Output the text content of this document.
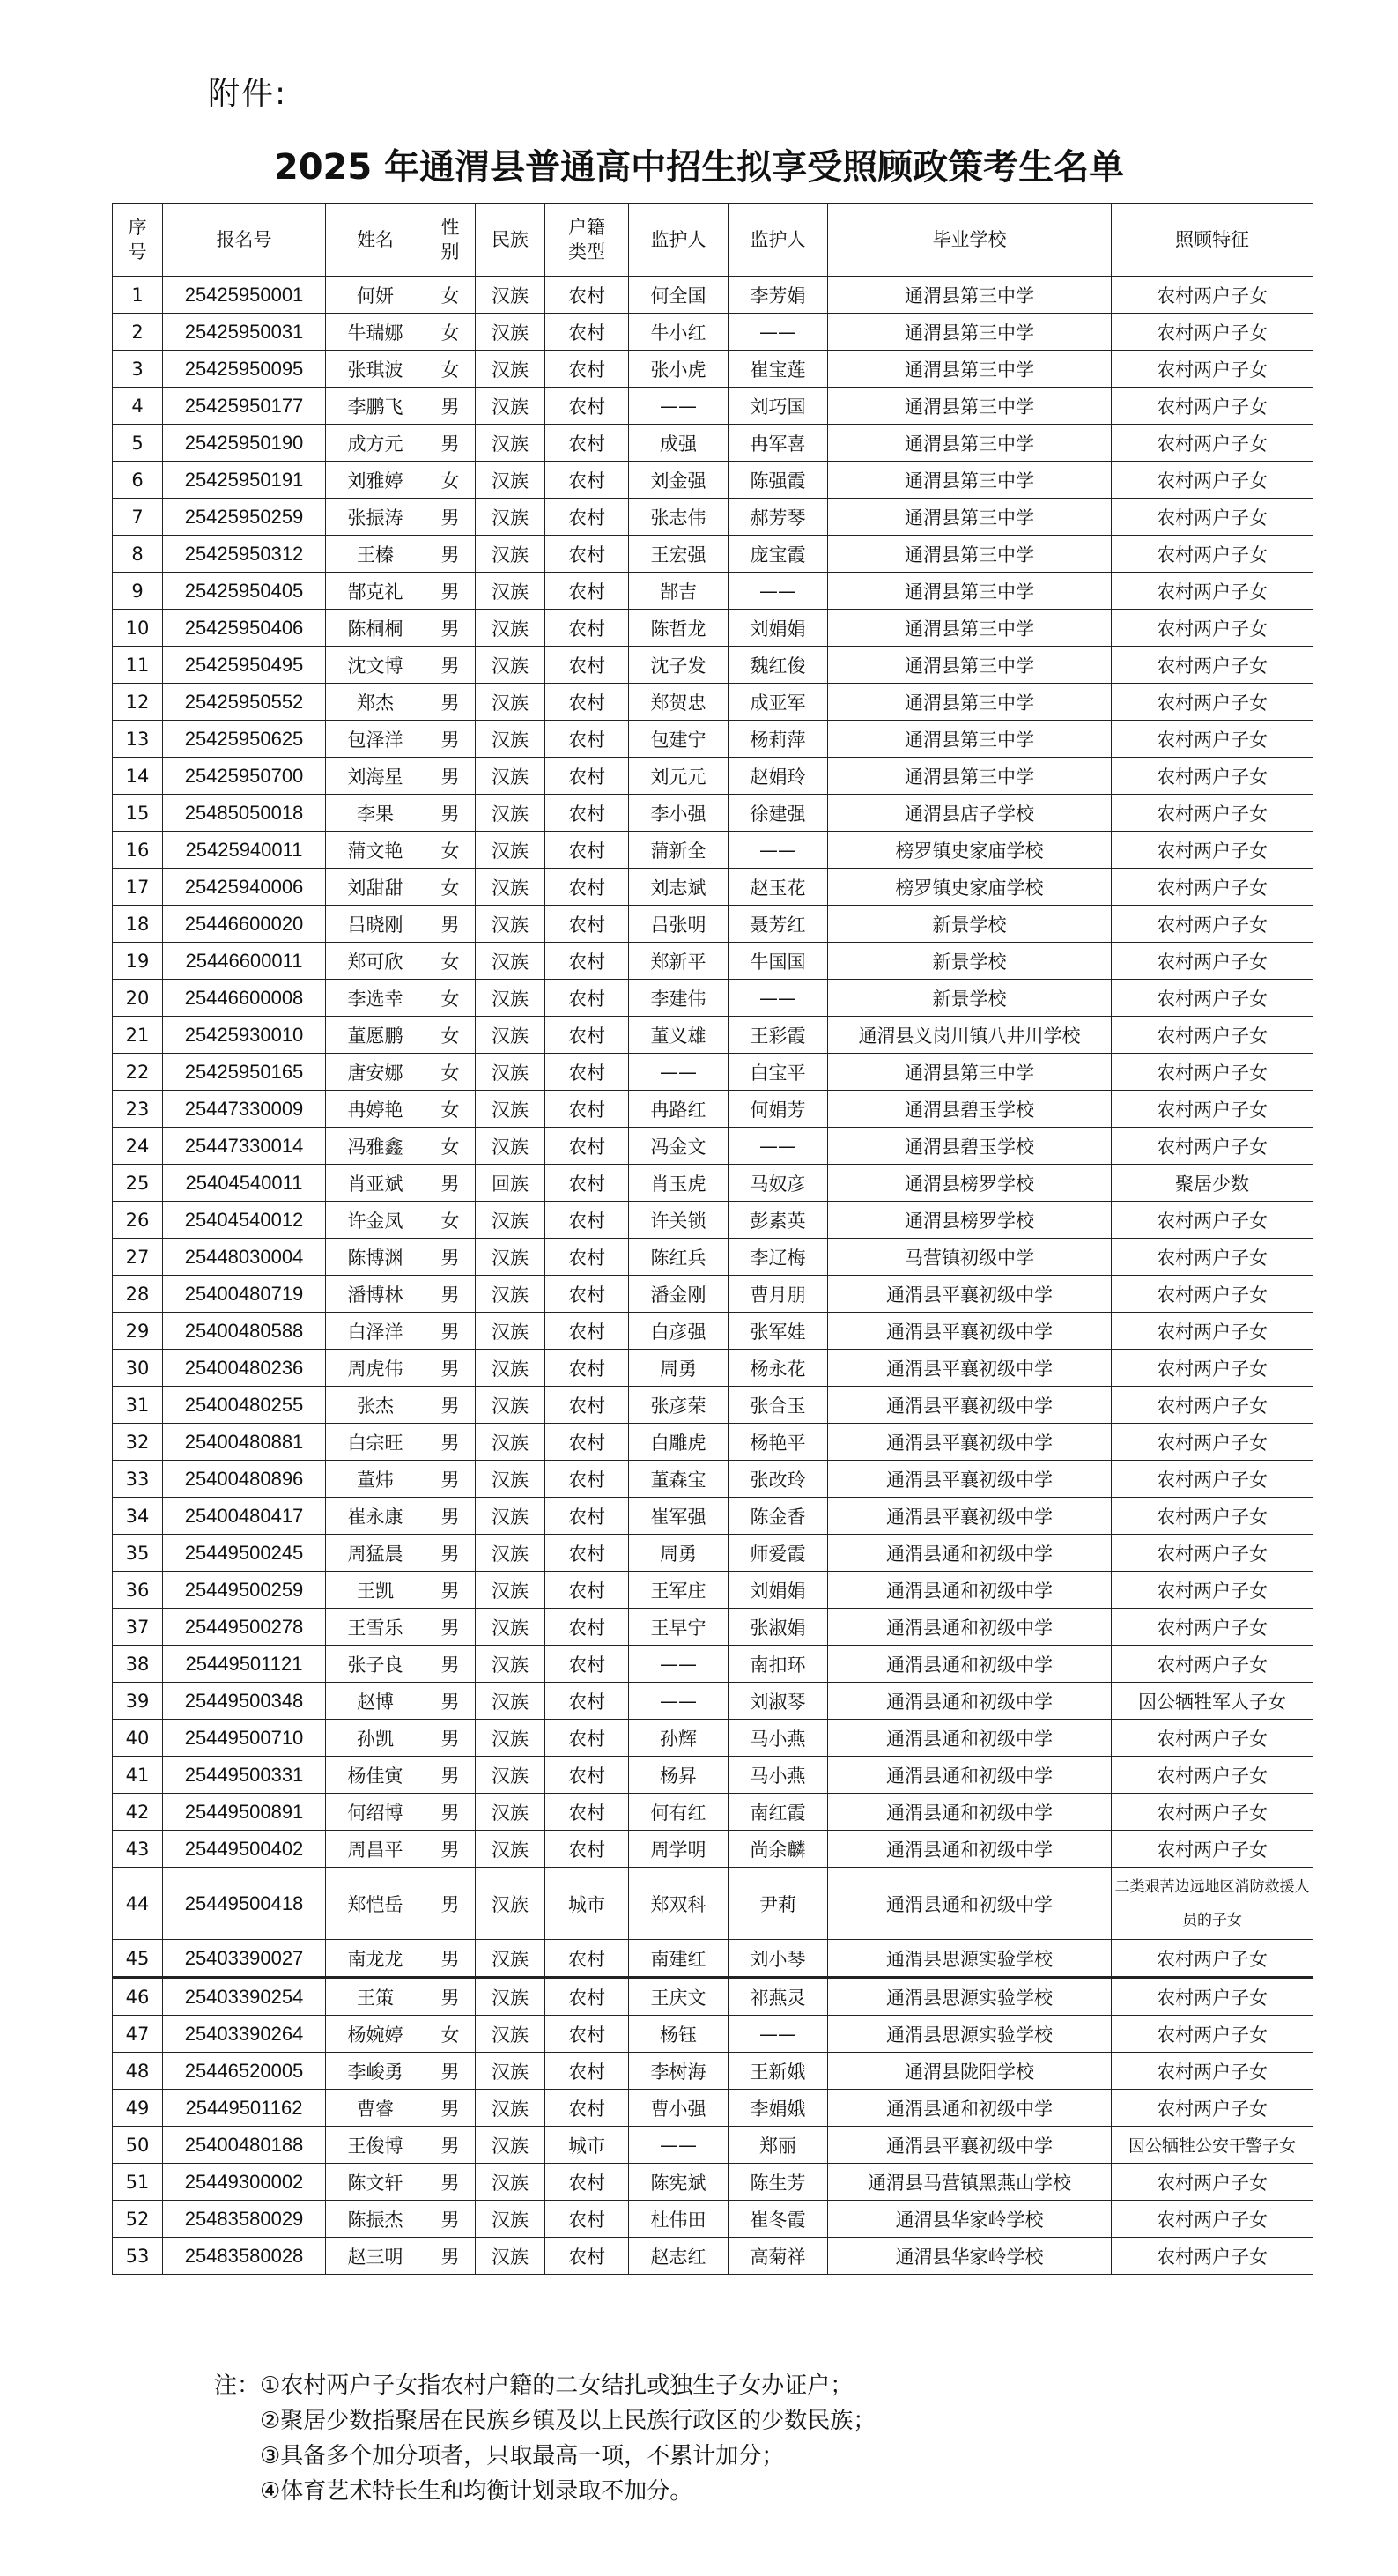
附件:
2025 年通渭县普通高中招生拟享受照顾政策考生名单
序号	报名号	姓名	性别	民族	户籍类型	监护人	监护人	毕业学校	照顾特征
1	25425950001	何妍	女	汉族	农村	何全国	李芳娟	通渭县第三中学	农村两户子女
2	25425950031	牛瑞娜	女	汉族	农村	牛小红	——	通渭县第三中学	农村两户子女
3	25425950095	张琪波	女	汉族	农村	张小虎	崔宝莲	通渭县第三中学	农村两户子女
4	25425950177	李鹏飞	男	汉族	农村	——	刘巧国	通渭县第三中学	农村两户子女
5	25425950190	成方元	男	汉族	农村	成强	冉军喜	通渭县第三中学	农村两户子女
6	25425950191	刘雅婷	女	汉族	农村	刘金强	陈强霞	通渭县第三中学	农村两户子女
7	25425950259	张振涛	男	汉族	农村	张志伟	郝芳琴	通渭县第三中学	农村两户子女
8	25425950312	王榛	男	汉族	农村	王宏强	庞宝霞	通渭县第三中学	农村两户子女
9	25425950405	郜克礼	男	汉族	农村	郜吉	——	通渭县第三中学	农村两户子女
10	25425950406	陈桐桐	男	汉族	农村	陈哲龙	刘娟娟	通渭县第三中学	农村两户子女
11	25425950495	沈文博	男	汉族	农村	沈子发	魏红俊	通渭县第三中学	农村两户子女
12	25425950552	郑杰	男	汉族	农村	郑贺忠	成亚军	通渭县第三中学	农村两户子女
13	25425950625	包泽洋	男	汉族	农村	包建宁	杨莉萍	通渭县第三中学	农村两户子女
14	25425950700	刘海星	男	汉族	农村	刘元元	赵娟玲	通渭县第三中学	农村两户子女
15	25485050018	李果	男	汉族	农村	李小强	徐建强	通渭县店子学校	农村两户子女
16	25425940011	蒲文艳	女	汉族	农村	蒲新全	——	榜罗镇史家庙学校	农村两户子女
17	25425940006	刘甜甜	女	汉族	农村	刘志斌	赵玉花	榜罗镇史家庙学校	农村两户子女
18	25446600020	吕晓刚	男	汉族	农村	吕张明	聂芳红	新景学校	农村两户子女
19	25446600011	郑可欣	女	汉族	农村	郑新平	牛国国	新景学校	农村两户子女
20	25446600008	李选幸	女	汉族	农村	李建伟	——	新景学校	农村两户子女
21	25425930010	董愿鹏	女	汉族	农村	董义雄	王彩霞	通渭县义岗川镇八井川学校	农村两户子女
22	25425950165	唐安娜	女	汉族	农村	——	白宝平	通渭县第三中学	农村两户子女
23	25447330009	冉婷艳	女	汉族	农村	冉路红	何娟芳	通渭县碧玉学校	农村两户子女
24	25447330014	冯雅鑫	女	汉族	农村	冯金文	——	通渭县碧玉学校	农村两户子女
25	25404540011	肖亚斌	男	回族	农村	肖玉虎	马奴彦	通渭县榜罗学校	聚居少数
26	25404540012	许金凤	女	汉族	农村	许关锁	彭素英	通渭县榜罗学校	农村两户子女
27	25448030004	陈博渊	男	汉族	农村	陈红兵	李辽梅	马营镇初级中学	农村两户子女
28	25400480719	潘博林	男	汉族	农村	潘金刚	曹月朋	通渭县平襄初级中学	农村两户子女
29	25400480588	白泽洋	男	汉族	农村	白彦强	张军娃	通渭县平襄初级中学	农村两户子女
30	25400480236	周虎伟	男	汉族	农村	周勇	杨永花	通渭县平襄初级中学	农村两户子女
31	25400480255	张杰	男	汉族	农村	张彦荣	张合玉	通渭县平襄初级中学	农村两户子女
32	25400480881	白宗旺	男	汉族	农村	白雕虎	杨艳平	通渭县平襄初级中学	农村两户子女
33	25400480896	董炜	男	汉族	农村	董森宝	张改玲	通渭县平襄初级中学	农村两户子女
34	25400480417	崔永康	男	汉族	农村	崔军强	陈金香	通渭县平襄初级中学	农村两户子女
35	25449500245	周猛晨	男	汉族	农村	周勇	师爱霞	通渭县通和初级中学	农村两户子女
36	25449500259	王凯	男	汉族	农村	王军庄	刘娟娟	通渭县通和初级中学	农村两户子女
37	25449500278	王雪乐	男	汉族	农村	王早宁	张淑娟	通渭县通和初级中学	农村两户子女
38	25449501121	张子良	男	汉族	农村	——	南扣环	通渭县通和初级中学	农村两户子女
39	25449500348	赵博	男	汉族	农村	——	刘淑琴	通渭县通和初级中学	因公牺牲军人子女
40	25449500710	孙凯	男	汉族	农村	孙辉	马小燕	通渭县通和初级中学	农村两户子女
41	25449500331	杨佳寅	男	汉族	农村	杨昇	马小燕	通渭县通和初级中学	农村两户子女
42	25449500891	何绍博	男	汉族	农村	何有红	南红霞	通渭县通和初级中学	农村两户子女
43	25449500402	周昌平	男	汉族	农村	周学明	尚余麟	通渭县通和初级中学	农村两户子女
44	25449500418	郑恺岳	男	汉族	城市	郑双科	尹莉	通渭县通和初级中学	二类艰苦边远地区消防救援人员的子女
45	25403390027	南龙龙	男	汉族	农村	南建红	刘小琴	通渭县思源实验学校	农村两户子女
46	25403390254	王策	男	汉族	农村	王庆文	祁燕灵	通渭县思源实验学校	农村两户子女
47	25403390264	杨婉婷	女	汉族	农村	杨钰	——	通渭县思源实验学校	农村两户子女
48	25446520005	李峻勇	男	汉族	农村	李树海	王新娥	通渭县陇阳学校	农村两户子女
49	25449501162	曹睿	男	汉族	农村	曹小强	李娟娥	通渭县通和初级中学	农村两户子女
50	25400480188	王俊博	男	汉族	城市	——	郑丽	通渭县平襄初级中学	因公牺牲公安干警子女
51	25449300002	陈文轩	男	汉族	农村	陈宪斌	陈生芳	通渭县马营镇黑燕山学校	农村两户子女
52	25483580029	陈振杰	男	汉族	农村	杜伟田	崔冬霞	通渭县华家岭学校	农村两户子女
53	25483580028	赵三明	男	汉族	农村	赵志红	高菊祥	通渭县华家岭学校	农村两户子女
注：①农村两户子女指农村户籍的二女结扎或独生子女办证户；
②聚居少数指聚居在民族乡镇及以上民族行政区的少数民族；
③具备多个加分项者，只取最高一项，不累计加分；
④体育艺术特长生和均衡计划录取不加分。
